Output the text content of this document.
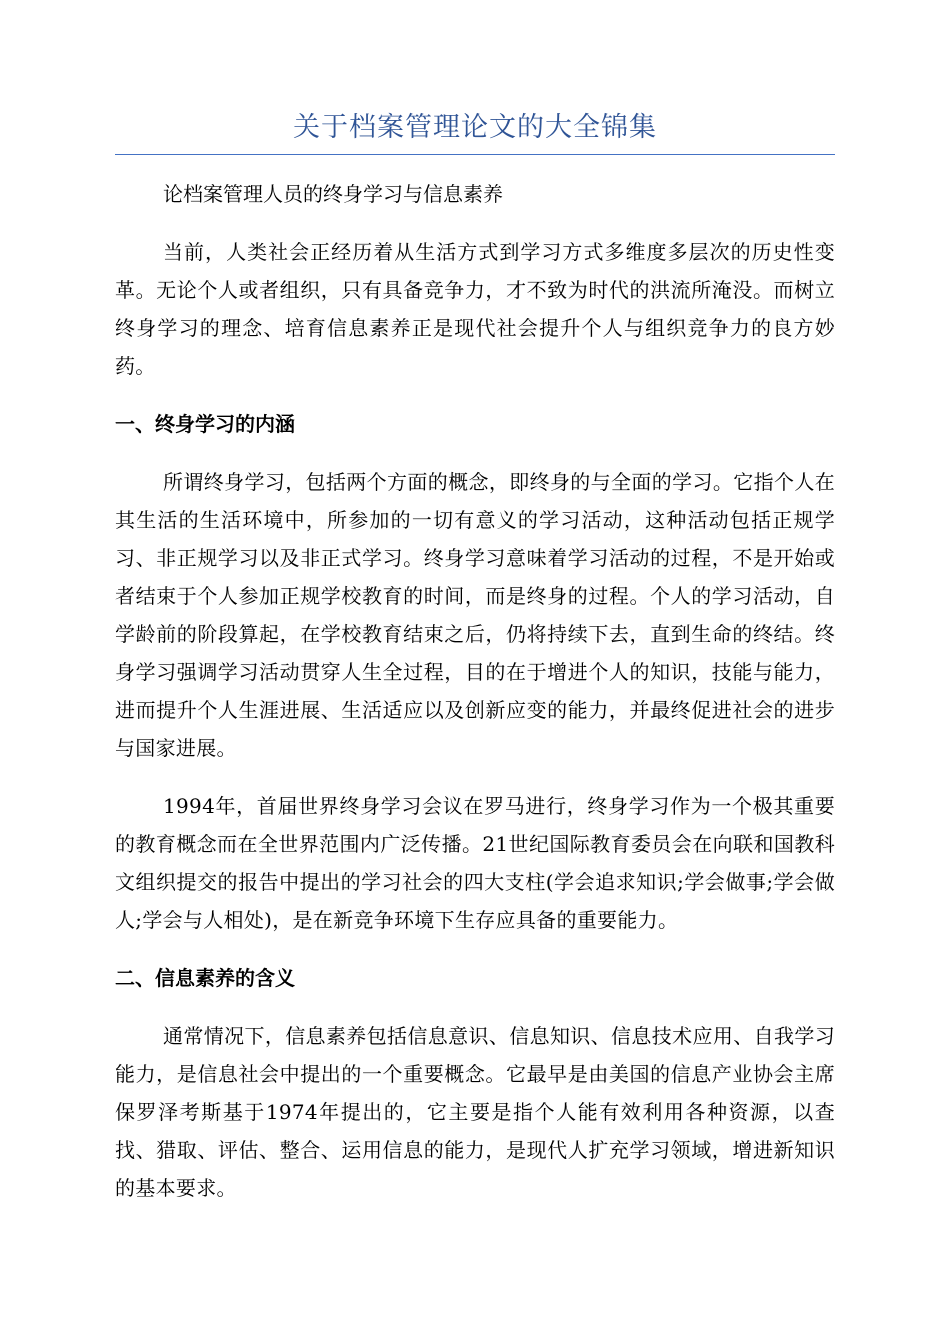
关于档案管理论文的大全锦集

论档案管理人员的终身学习与信息素养

当前，人类社会正经历着从生活方式到学习方式多维度多层次的历史性变革。无论个人或者组织，只有具备竞争力，才不致为时代的洪流所淹没。而树立终身学习的理念、培育信息素养正是现代社会提升个人与组织竞争力的良方妙药。

一、终身学习的内涵

所谓终身学习，包括两个方面的概念，即终身的与全面的学习。它指个人在其生活的生活环境中，所参加的一切有意义的学习活动，这种活动包括正规学习、非正规学习以及非正式学习。终身学习意味着学习活动的过程，不是开始或者结束于个人参加正规学校教育的时间，而是终身的过程。个人的学习活动，自学龄前的阶段算起，在学校教育结束之后，仍将持续下去，直到生命的终结。终身学习强调学习活动贯穿人生全过程，目的在于增进个人的知识，技能与能力，进而提升个人生涯进展、生活适应以及创新应变的能力，并最终促进社会的进步与国家进展。

1994年，首届世界终身学习会议在罗马进行，终身学习作为一个极其重要的教育概念而在全世界范围内广泛传播。21世纪国际教育委员会在向联和国教科文组织提交的报告中提出的学习社会的四大支柱(学会追求知识;学会做事;学会做人;学会与人相处)，是在新竞争环境下生存应具备的重要能力。

二、信息素养的含义

通常情况下，信息素养包括信息意识、信息知识、信息技术应用、自我学习能力，是信息社会中提出的一个重要概念。它最早是由美国的信息产业协会主席保罗泽考斯基于1974年提出的，它主要是指个人能有效利用各种资源，以查找、猎取、评估、整合、运用信息的能力，是现代人扩充学习领域，增进新知识的基本要求。
